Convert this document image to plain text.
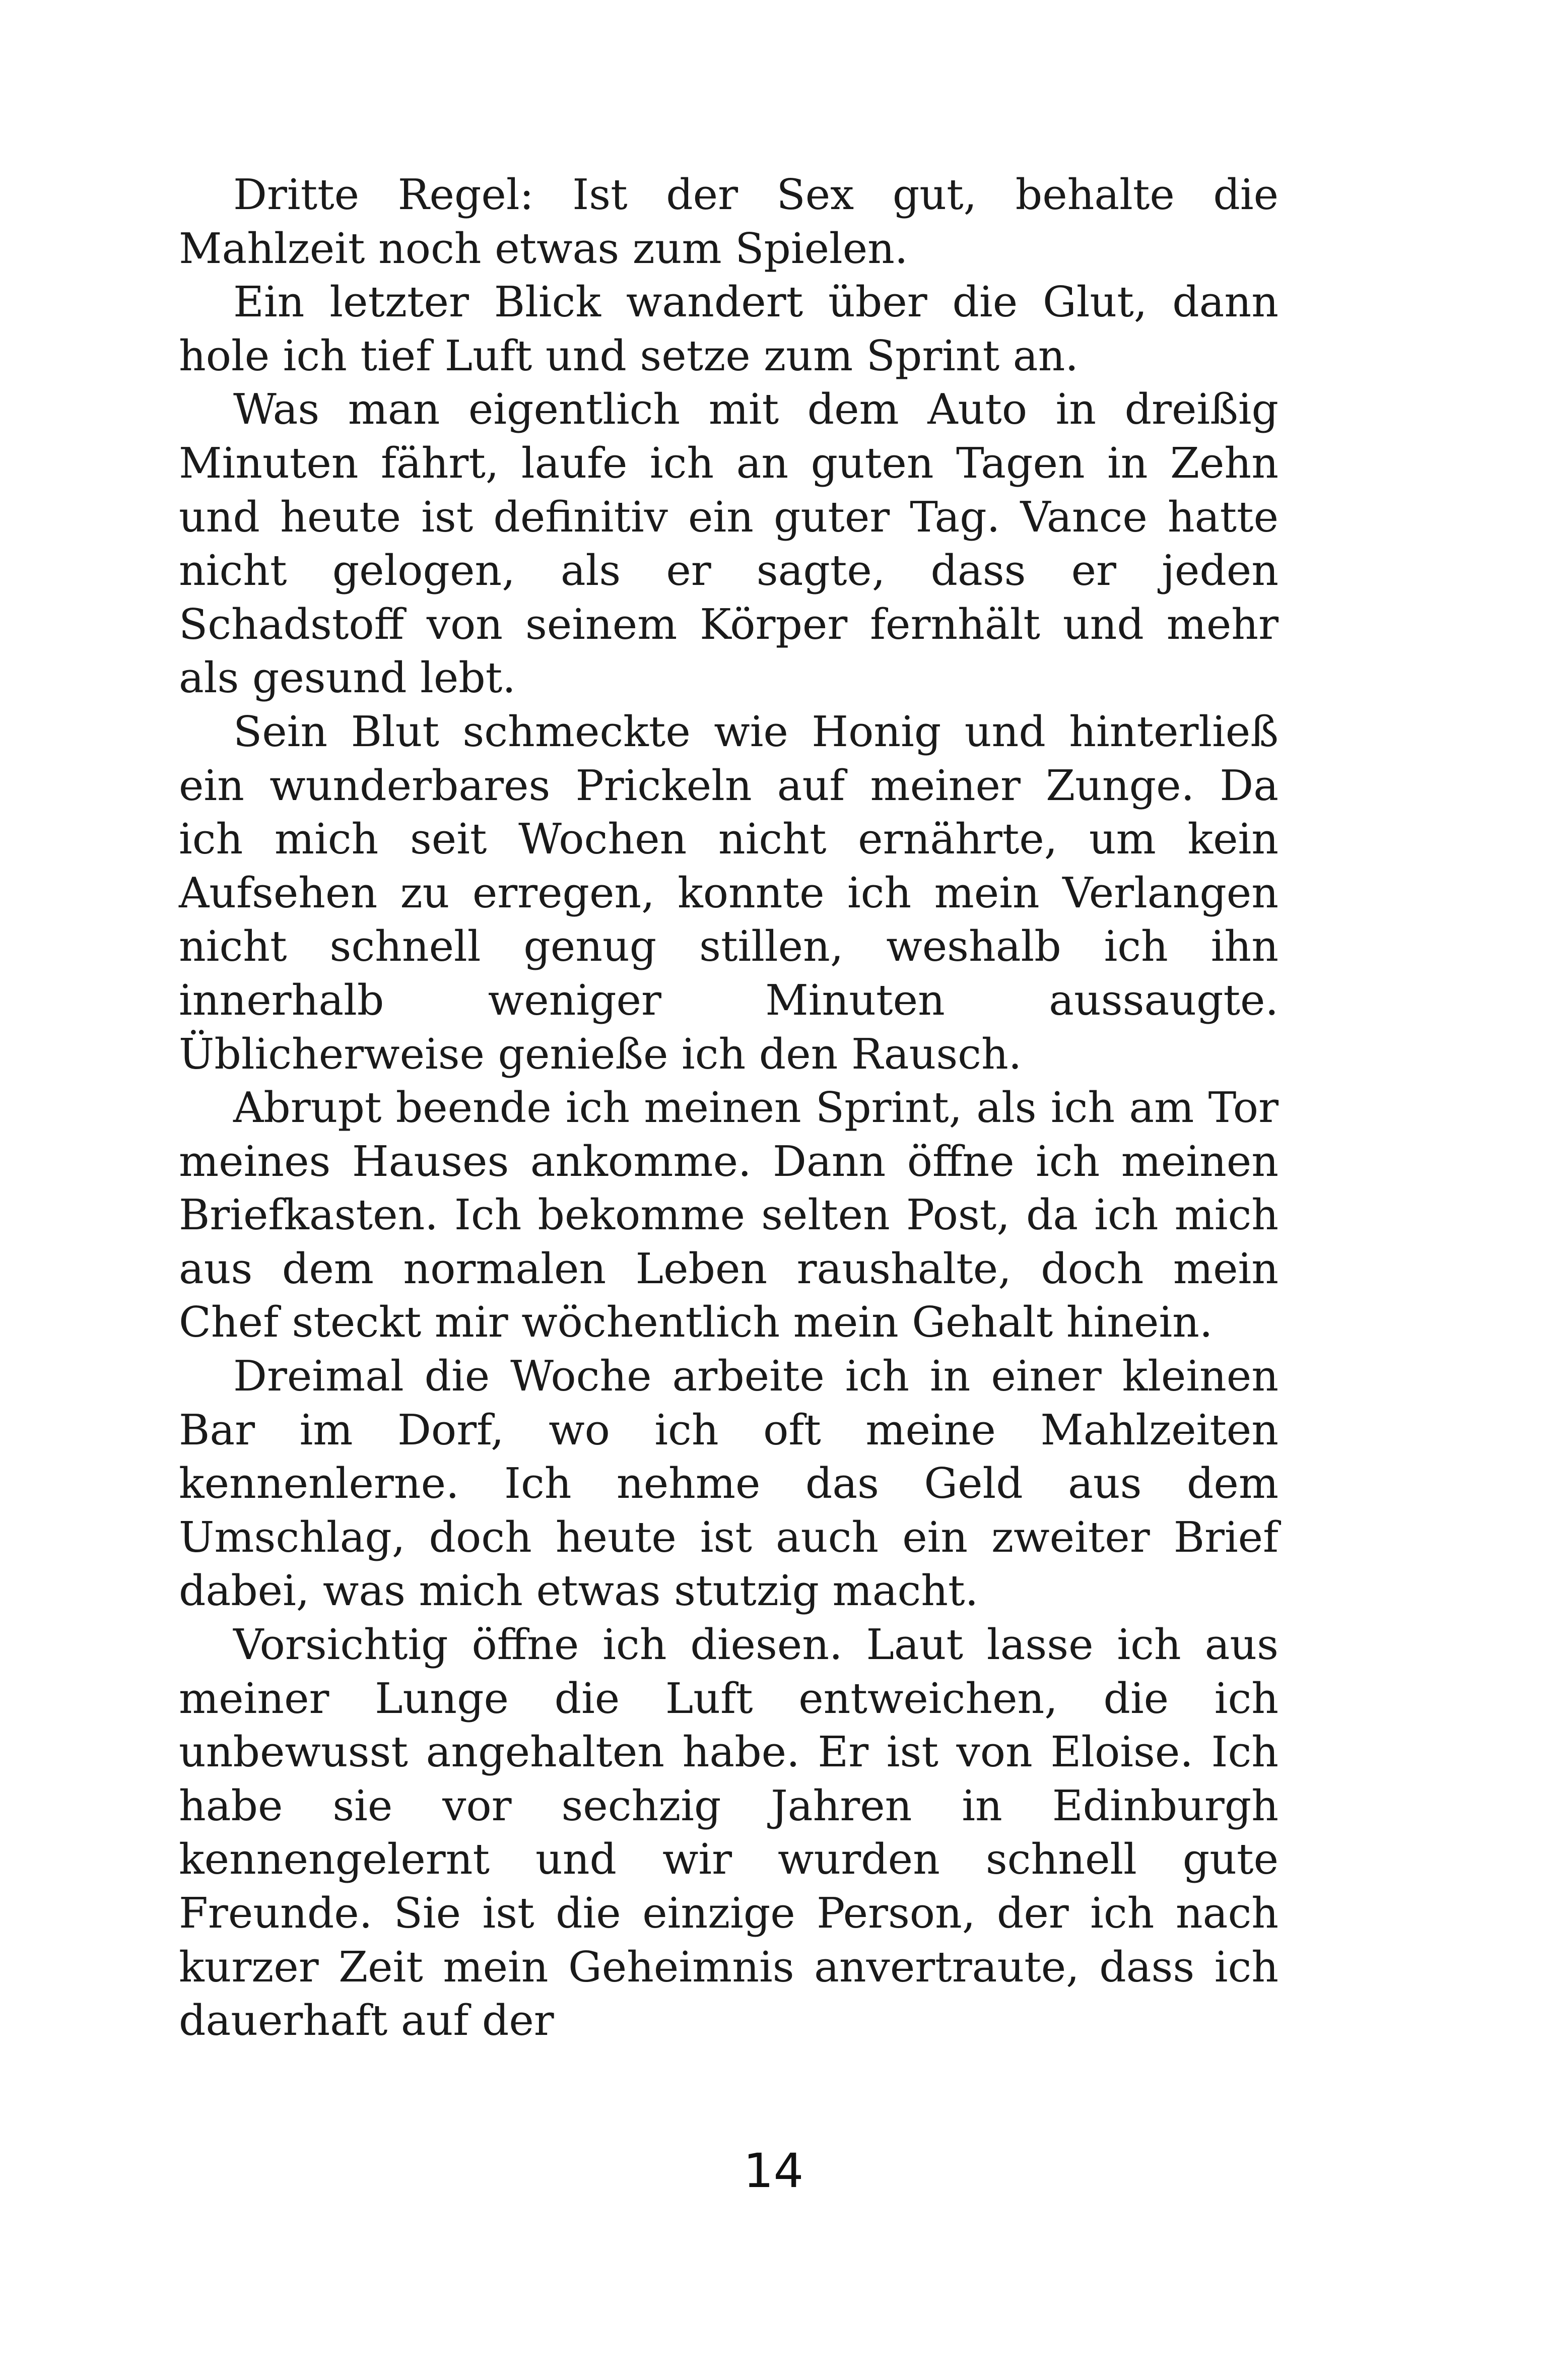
Dritte Regel: Ist der Sex gut, behalte die Mahlzeit noch etwas zum Spielen.

Ein letzter Blick wandert über die Glut, dann hole ich tief Luft und setze zum Sprint an.

Was man eigentlich mit dem Auto in dreißig Minuten fährt, laufe ich an guten Tagen in Zehn und heute ist definitiv ein guter Tag. Vance hatte nicht gelogen, als er sagte, dass er jeden Schadstoff von seinem Körper fernhält und mehr als gesund lebt.

Sein Blut schmeckte wie Honig und hinterließ ein wunderbares Prickeln auf meiner Zunge. Da ich mich seit Wochen nicht ernährte, um kein Aufsehen zu erregen, konnte ich mein Verlangen nicht schnell genug stillen, weshalb ich ihn innerhalb weniger Minuten aussaugte. Üblicherweise genieße ich den Rausch.

Abrupt beende ich meinen Sprint, als ich am Tor meines Hauses ankomme. Dann öffne ich meinen Briefkasten. Ich bekomme selten Post, da ich mich aus dem normalen Leben raushalte, doch mein Chef steckt mir wöchentlich mein Gehalt hinein.

Dreimal die Woche arbeite ich in einer kleinen Bar im Dorf, wo ich oft meine Mahlzeiten kennenlerne. Ich nehme das Geld aus dem Umschlag, doch heute ist auch ein zweiter Brief dabei, was mich etwas stutzig macht.

Vorsichtig öffne ich diesen. Laut lasse ich aus meiner Lunge die Luft entweichen, die ich unbewusst angehalten habe. Er ist von Eloise. Ich habe sie vor sechzig Jahren in Edinburgh kennengelernt und wir wurden schnell gute Freunde. Sie ist die einzige Person, der ich nach kurzer Zeit mein Geheimnis anvertraute, dass ich dauerhaft auf der

14
